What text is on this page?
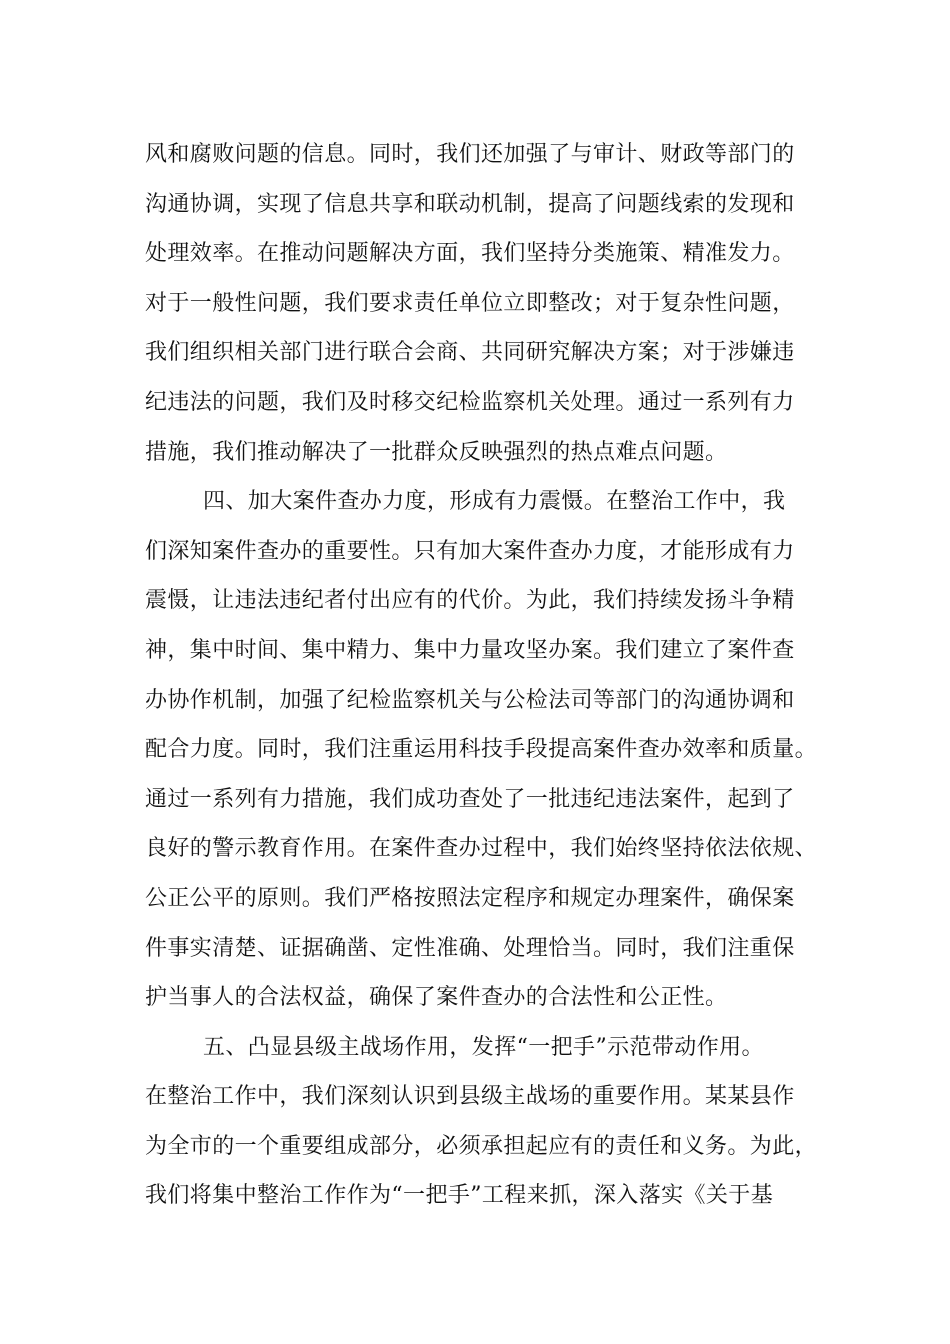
风和腐败问题的信息。同时，我们还加强了与审计、财政等部门的
沟通协调，实现了信息共享和联动机制，提高了问题线索的发现和
处理效率。在推动问题解决方面，我们坚持分类施策、精准发力。
对于一般性问题，我们要求责任单位立即整改；对于复杂性问题，
我们组织相关部门进行联合会商、共同研究解决方案；对于涉嫌违
纪违法的问题，我们及时移交纪检监察机关处理。通过一系列有力
措施，我们推动解决了一批群众反映强烈的热点难点问题。
四、加大案件查办力度，形成有力震慑。在整治工作中，我
们深知案件查办的重要性。只有加大案件查办力度，才能形成有力
震慑，让违法违纪者付出应有的代价。为此，我们持续发扬斗争精
神，集中时间、集中精力、集中力量攻坚办案。我们建立了案件查
办协作机制，加强了纪检监察机关与公检法司等部门的沟通协调和
配合力度。同时，我们注重运用科技手段提高案件查办效率和质量。
通过一系列有力措施，我们成功查处了一批违纪违法案件，起到了
良好的警示教育作用。在案件查办过程中，我们始终坚持依法依规、
公正公平的原则。我们严格按照法定程序和规定办理案件，确保案
件事实清楚、证据确凿、定性准确、处理恰当。同时，我们注重保
护当事人的合法权益，确保了案件查办的合法性和公正性。
五、凸显县级主战场作用，发挥“一把手”示范带动作用。
在整治工作中，我们深刻认识到县级主战场的重要作用。某某县作
为全市的一个重要组成部分，必须承担起应有的责任和义务。为此，
我们将集中整治工作作为“一把手”工程来抓，深入落实《关于基
